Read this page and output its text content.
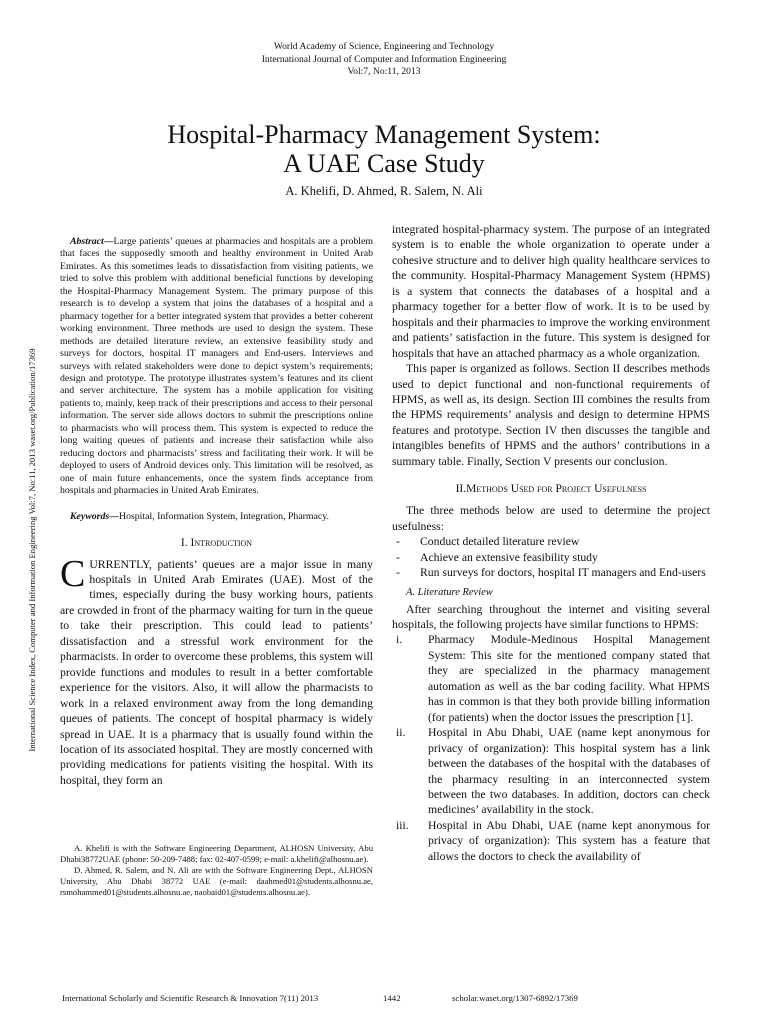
World Academy of Science, Engineering and Technology
International Journal of Computer and Information Engineering
Vol:7, No:11, 2013
Hospital-Pharmacy Management System:
A UAE Case Study
A. Khelifi, D. Ahmed, R. Salem, N. Ali
International Science Index, Computer and Information Engineering Vol:7, No:11, 2013 waset.org/Publication/17369

Abstract—Large patients’ queues at pharmacies and hospitals are a problem that faces the supposedly smooth and healthy environment in United Arab Emirates. As this sometimes leads to dissatisfaction from visiting patients, we tried to solve this problem with additional beneficial functions by developing the Hospital-Pharmacy Management System. The primary purpose of this research is to develop a system that joins the databases of a hospital and a pharmacy together for a better integrated system that provides a better coherent working environment. Three methods are used to design the system. These methods are detailed literature review, an extensive feasibility study and surveys for doctors, hospital IT managers and End-users. Interviews and surveys with related stakeholders were done to depict system’s requirements; design and prototype. The prototype illustrates system’s features and its client and server architecture. The system has a mobile application for visiting patients to, mainly, keep track of their prescriptions and access to their personal information. The server side allows doctors to submit the prescriptions online to pharmacists who will process them. This system is expected to reduce the long waiting queues of patients and increase their satisfaction while also reducing doctors and pharmacists’ stress and facilitating their work. It will be deployed to users of Android devices only. This limitation will be resolved, as one of main future enhancements, once the system finds acceptance from hospitals and pharmacies in United Arab Emirates.

Keywords—Hospital, Information System, Integration, Pharmacy.

I. Introduction
C URRENTLY, patients’ queues are a major issue in many hospitals in United Arab Emirates (UAE). Most of the times, especially during the busy working hours, patients are crowded in front of the pharmacy waiting for turn in the queue to take their prescription. This could lead to patients’ dissatisfaction and a stressful work environment for the pharmacists. In order to overcome these problems, this system will provide functions and modules to result in a better comfortable experience for the visitors. Also, it will allow the pharmacists to work in a relaxed environment away from the long demanding queues of patients. The concept of hospital pharmacy is widely spread in UAE. It is a pharmacy that is usually found within the location of its associated hospital. They are mostly concerned with providing medications for patients visiting the hospital. With its hospital, they form an

A. Khelifi is with the Software Engineering Department, ALHOSN University, Abu Dhabi38772UAE (phone: 50-209-7488; fax: 02-407-0599; e-mail: a.khelifi@alhosnu.ae).

D. Ahmed, R. Salem, and N. Ali are with the Software Engineering Dept., ALHOSN University, Abu Dhabi 38772 UAE (e-mail: daahmed01@students.alhosnu.ae, rsmohammed01@students.alhosnu.ae, naobaid01@students.alhosnu.ae).

integrated hospital-pharmacy system. The purpose of an integrated system is to enable the whole organization to operate under a cohesive structure and to deliver high quality healthcare services to the community. Hospital-Pharmacy Management System (HPMS) is a system that connects the databases of a hospital and a pharmacy together for a better flow of work. It is to be used by hospitals and their pharmacies to improve the working environment and patients’ satisfaction in the future. This system is designed for hospitals that have an attached pharmacy as a whole organization.

This paper is organized as follows. Section II describes methods used to depict functional and non-functional requirements of HPMS, as well as, its design. Section III combines the results from the HPMS requirements’ analysis and design to determine HPMS features and prototype. Section IV then discusses the tangible and intangibles benefits of HPMS and the authors’ contributions in a summary table. Finally, Section V presents our conclusion.

II.Methods Used for Project Usefulness

The three methods below are used to determine the project usefulness:

- Conduct detailed literature review
- Achieve an extensive feasibility study
- Run surveys for doctors, hospital IT managers and End-users
A. Literature Review

After searching throughout the internet and visiting several hospitals, the following projects have similar functions to HPMS:

i. Pharmacy Module-Medinous Hospital Management System: This site for the mentioned company stated that they are specialized in the pharmacy management automation as well as the bar coding facility. What HPMS has in common is that they both provide billing information (for patients) when the doctor issues the prescription [1].
ii. Hospital in Abu Dhabi, UAE (name kept anonymous for privacy of organization): This hospital system has a link between the databases of the hospital with the databases of the pharmacy resulting in an interconnected system between the two databases. In addition, doctors can check medicines’ availability in the stock.
iii. Hospital in Abu Dhabi, UAE (name kept anonymous for privacy of organization): This system has a feature that allows the doctors to check the availability of
International Scholarly and Scientific Research & Innovation 7(11) 2013	1442	scholar.waset.org/1307-6892/17369
